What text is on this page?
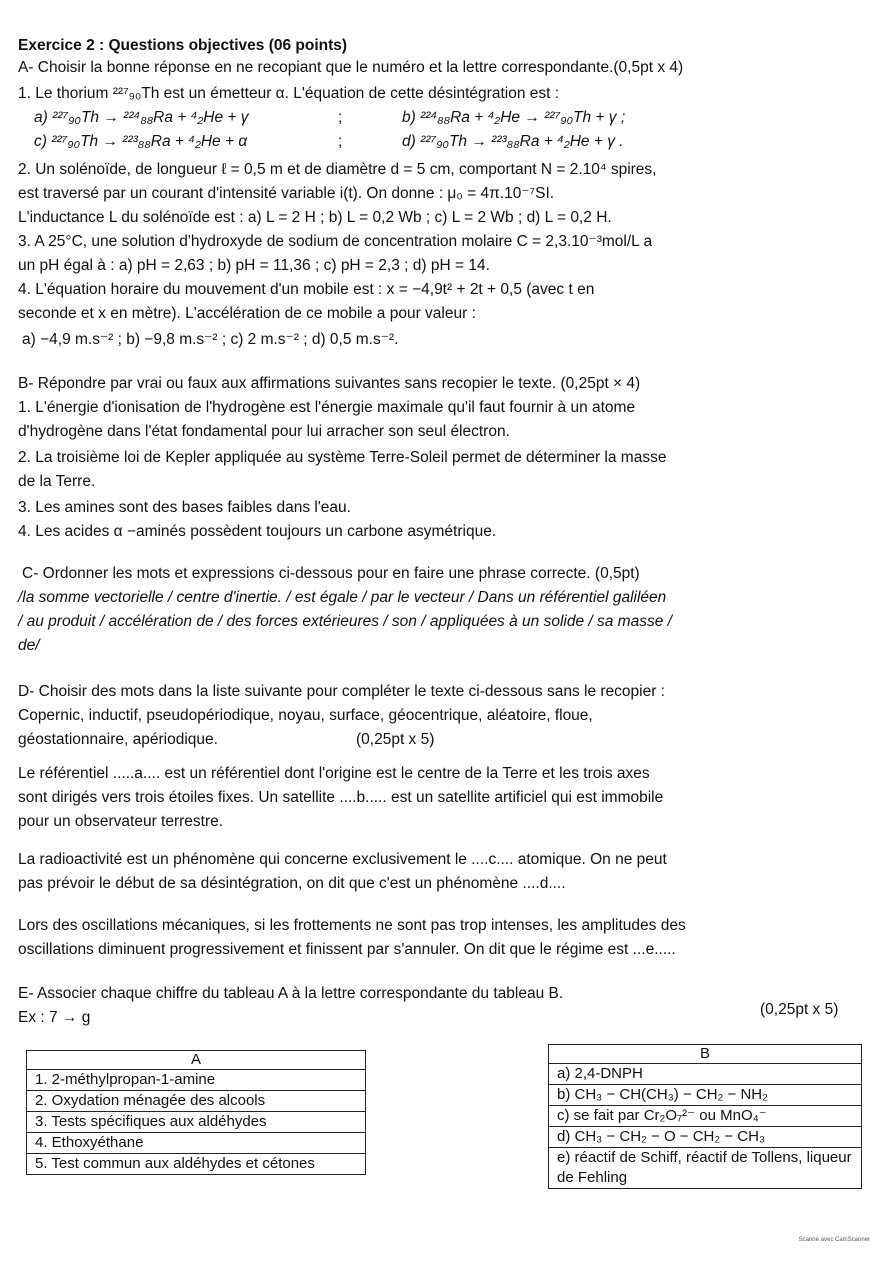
Exercice 2 : Questions objectives (06 points)
A- Choisir la bonne réponse en ne recopiant que le numéro et la lettre correspondante.(0,5pt x 4)
1. Le thorium ²²⁷₉₀Th est un émetteur α. L'équation de cette désintégration est :
a) ²²⁷₉₀Th → ²²⁴₈₈Ra + ⁴₂He + γ	;	b) ²²⁴₈₈Ra + ⁴₂He → ²²⁷₉₀Th + γ ;
c) ²²⁷₉₀Th → ²²³₈₈Ra + ⁴₂He + α	;	d) ²²⁷₉₀Th → ²²³₈₈Ra + ⁴₂He + γ .
2. Un solénoïde, de longueur ℓ = 0,5 m et de diamètre d = 5 cm, comportant N = 2.10⁴ spires,
est traversé par un courant d'intensité variable i(t). On donne : μ₀ = 4π.10⁻⁷SI.
L'inductance L du solénoïde est : a) L = 2 H ; b) L = 0,2 Wb ; c) L = 2 Wb ; d) L = 0,2 H.
3. A 25°C, une solution d'hydroxyde de sodium de concentration molaire C = 2,3.10⁻³mol/L a
un pH égal à : a) pH = 2,63 ; b) pH = 11,36 ; c) pH = 2,3 ; d) pH = 14.
4. L'équation horaire du mouvement d'un mobile est : x = −4,9t² + 2t + 0,5 (avec t en
seconde et x en mètre). L'accélération de ce mobile a pour valeur :
a) −4,9 m.s⁻² ; b) −9,8 m.s⁻² ; c) 2 m.s⁻² ; d) 0,5 m.s⁻².
B- Répondre par vrai ou faux aux affirmations suivantes sans recopier le texte. (0,25pt × 4)
1. L'énergie d'ionisation de l'hydrogène est l'énergie maximale qu'il faut fournir à un atome
d'hydrogène dans l'état fondamental pour lui arracher son seul électron.
2. La troisième loi de Kepler appliquée au système Terre-Soleil permet de déterminer la masse
de la Terre.
3. Les amines sont des bases faibles dans l'eau.
4. Les acides α −aminés possèdent toujours un carbone asymétrique.
C- Ordonner les mots et expressions ci-dessous pour en faire une phrase correcte. (0,5pt)
/la somme vectorielle / centre d'inertie. / est égale / par le vecteur / Dans un référentiel galiléen
/ au produit / accélération de / des forces extérieures / son / appliquées à un solide / sa masse /
de/
D- Choisir des mots dans la liste suivante pour compléter le texte ci-dessous sans le recopier :
Copernic, inductif, pseudopériodique, noyau, surface, géocentrique, aléatoire, floue,
géostationnaire, apériodique.	(0,25pt x 5)
Le référentiel .....a.... est un référentiel dont l'origine est le centre de la Terre et les trois axes
sont dirigés vers trois étoiles fixes. Un satellite ....b..... est un satellite artificiel qui est immobile
pour un observateur terrestre.
La radioactivité est un phénomène qui concerne exclusivement le ....c.... atomique. On ne peut
pas prévoir le début de sa désintégration, on dit que c'est un phénomène ....d....
Lors des oscillations mécaniques, si les frottements ne sont pas trop intenses, les amplitudes des
oscillations diminuent progressivement et finissent par s'annuler. On dit que le régime est ...e.....
E- Associer chaque chiffre du tableau A à la lettre correspondante du tableau B.
Ex : 7 → g	(0,25pt x 5)
A
1. 2-méthylpropan-1-amine
2. Oxydation ménagée des alcools
3. Tests spécifiques aux aldéhydes
4. Ethoxyéthane
5. Test commun aux aldéhydes et cétones
B
a) 2,4-DNPH
b) CH₃ − CH(CH₃) − CH₂ − NH₂
c) se fait par Cr₂O₇²⁻ ou MnO₄⁻
d) CH₃ − CH₂ − O − CH₂ − CH₃
e) réactif de Schiff, réactif de Tollens, liqueur de Fehling
Scanné avec CamScanner
